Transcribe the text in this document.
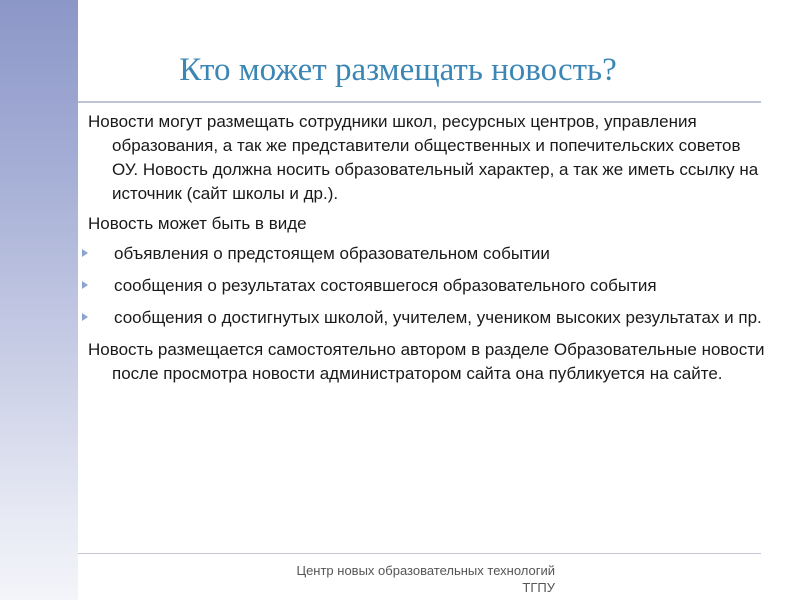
Кто может размещать новость?

Новости могут размещать сотрудники школ, ресурсных центров, управления образования, а так же представители общественных и попечительских советов ОУ. Новость должна носить образовательный характер, а так же иметь ссылку на источник (сайт школы и др.).

Новость может быть в виде

объявления о предстоящем образовательном событии
сообщения о результатах состоявшегося образовательного события
сообщения о достигнутых школой, учителем, учеником высоких результатах и пр.

Новость размещается самостоятельно автором в разделе Образовательные новости после просмотра новости администратором сайта она публикуется на сайте.

Центр новых образовательных технологий
ТГПУ
